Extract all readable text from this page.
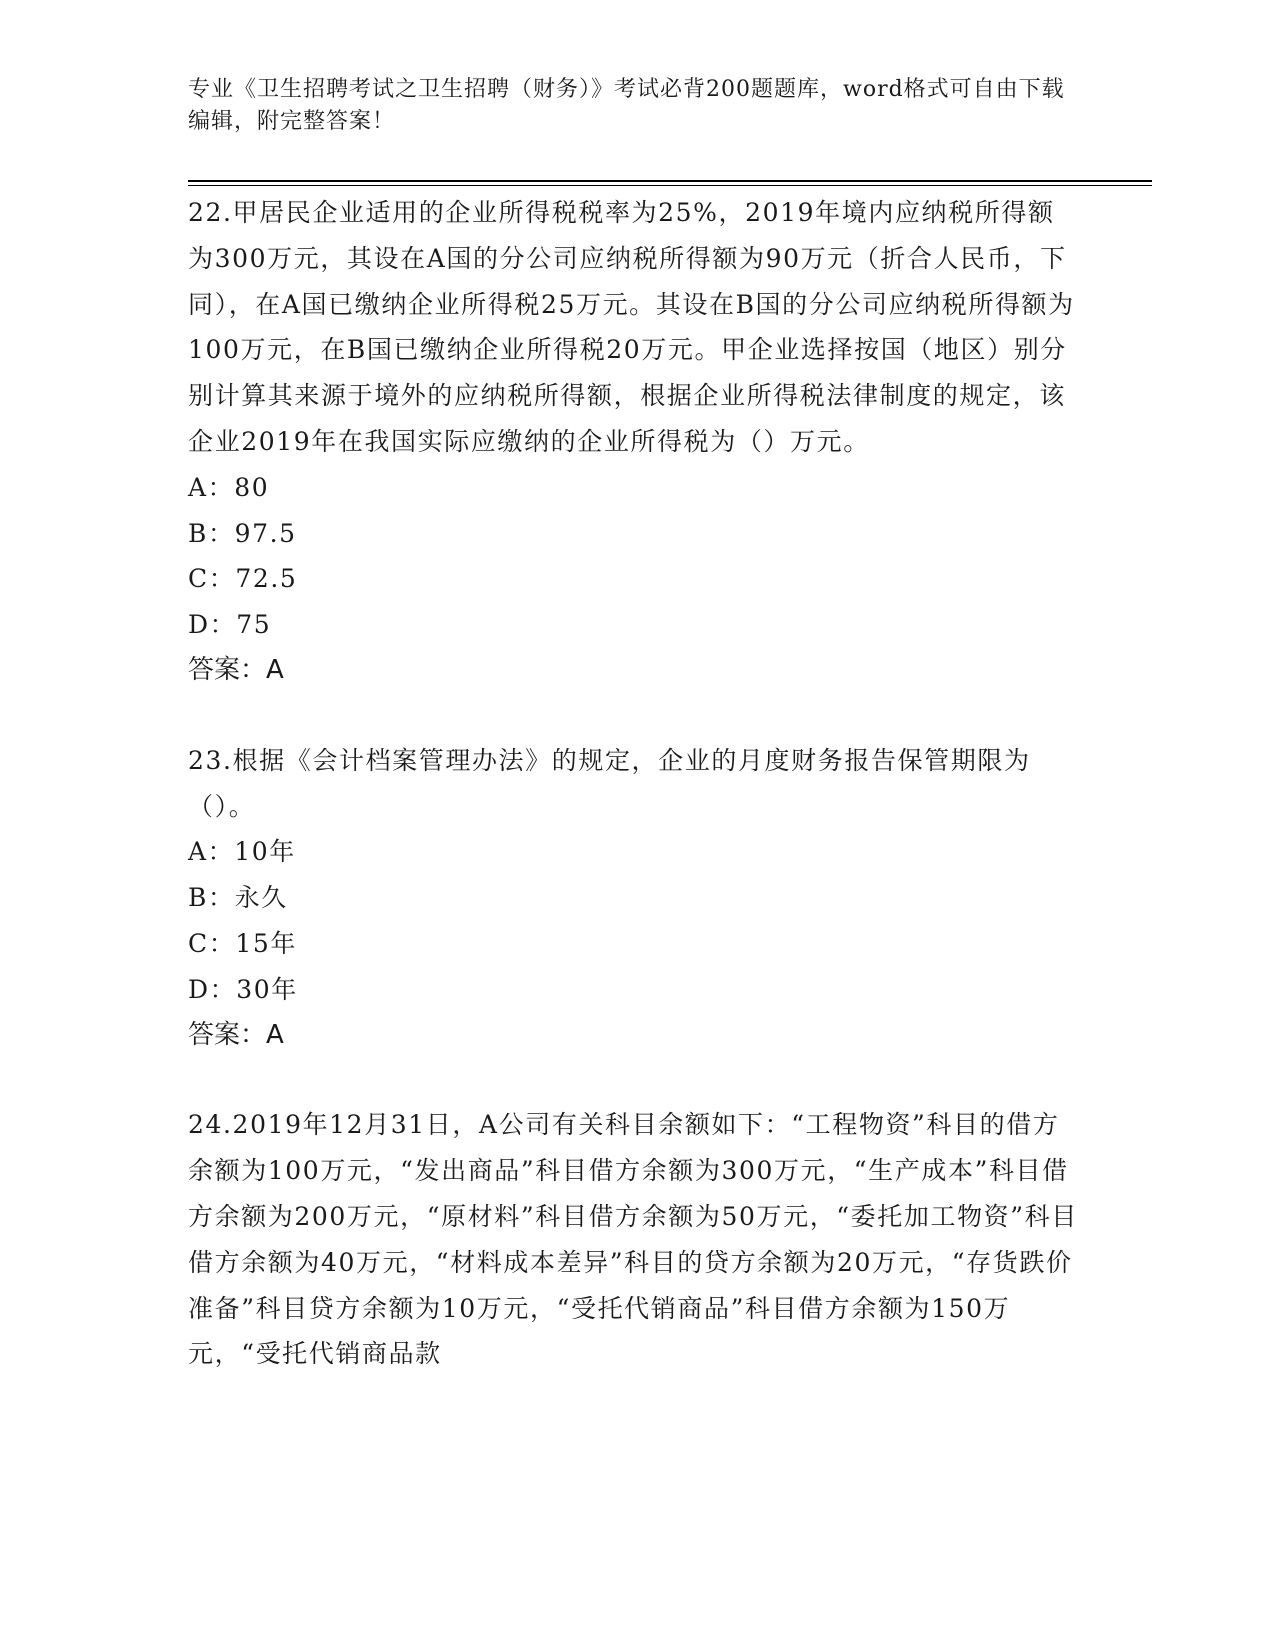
专业《卫生招聘考试之卫生招聘（财务）》考试必背200题题库，word格式可自由下载编辑，附完整答案！

22.甲居民企业适用的企业所得税税率为25%，2019年境内应纳税所得额为300万元，其设在A国的分公司应纳税所得额为90万元（折合人民币，下同），在A国已缴纳企业所得税25万元。其设在B国的分公司应纳税所得额为100万元，在B国已缴纳企业所得税20万元。甲企业选择按国（地区）别分别计算其来源于境外的应纳税所得额，根据企业所得税法律制度的规定，该企业2019年在我国实际应缴纳的企业所得税为（）万元。

A：80

B：97.5

C：72.5

D：75

答案：A

23.根据《会计档案管理办法》的规定，企业的月度财务报告保管期限为（）。

A：10年

B：永久

C：15年

D：30年

答案：A

24.2019年12月31日，A公司有关科目余额如下：“工程物资”科目的借方余额为100万元，“发出商品”科目借方余额为300万元，“生产成本”科目借方余额为200万元，“原材料”科目借方余额为50万元，“委托加工物资”科目借方余额为40万元，“材料成本差异”科目的贷方余额为20万元，“存货跌价准备”科目贷方余额为10万元，“受托代销商品”科目借方余额为150万元，“受托代销商品款
